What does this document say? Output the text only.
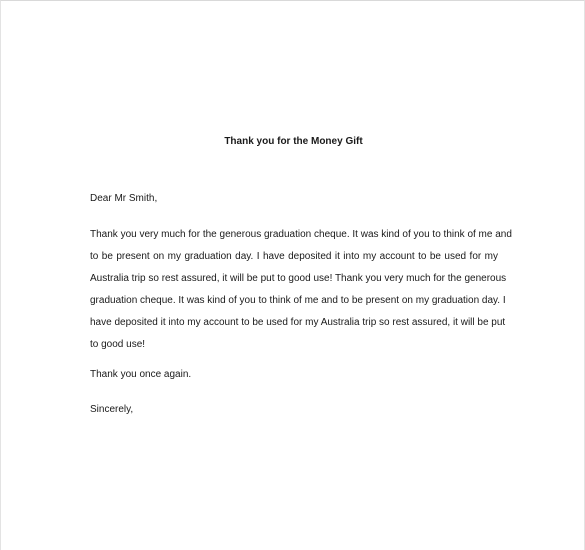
Thank you for the Money Gift

Dear Mr Smith,

Thank you very much for the generous graduation cheque. It was kind of you to think of me and
to be present on my graduation day. I have deposited it into my account to be used for my
Australia trip so rest assured, it will be put to good use! Thank you very much for the generous
graduation cheque. It was kind of you to think of me and to be present on my graduation day. I
have deposited it into my account to be used for my Australia trip so rest assured, it will be put
to good use!

Thank you once again.

Sincerely,
